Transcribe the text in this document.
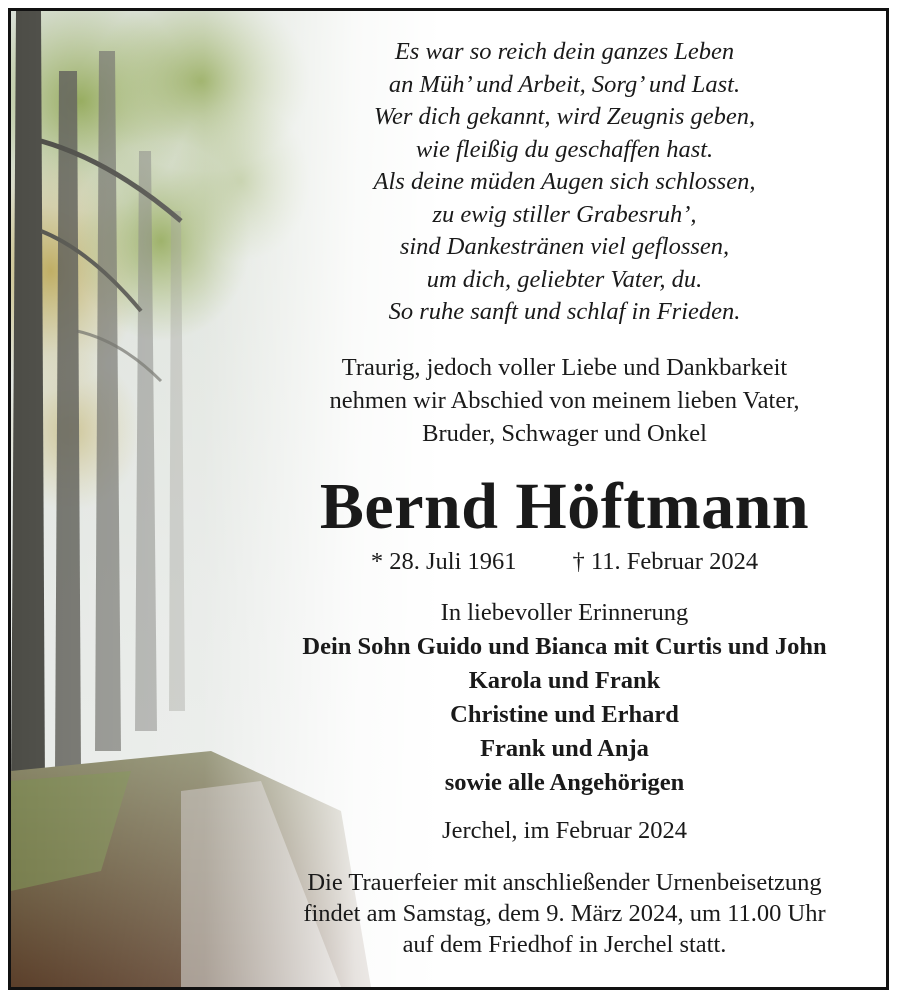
Es war so reich dein ganzes Leben
an Müh’ und Arbeit, Sorg’ und Last.
Wer dich gekannt, wird Zeugnis geben,
wie fleißig du geschaffen hast.
Als deine müden Augen sich schlossen,
zu ewig stiller Grabesruh’,
sind Dankestränen viel geflossen,
um dich, geliebter Vater, du.
So ruhe sanft und schlaf in Frieden.
Traurig, jedoch voller Liebe und Dankbarkeit
nehmen wir Abschied von meinem lieben Vater,
Bruder, Schwager und Onkel
Bernd Höftmann
* 28. Juli 1961 † 11. Februar 2024
In liebevoller Erinnerung
Dein Sohn Guido und Bianca mit Curtis und John
Karola und Frank
Christine und Erhard
Frank und Anja
sowie alle Angehörigen
Jerchel, im Februar 2024
Die Trauerfeier mit anschließender Urnenbeisetzung
findet am Samstag, dem 9. März 2024, um 11.00 Uhr
auf dem Friedhof in Jerchel statt.
